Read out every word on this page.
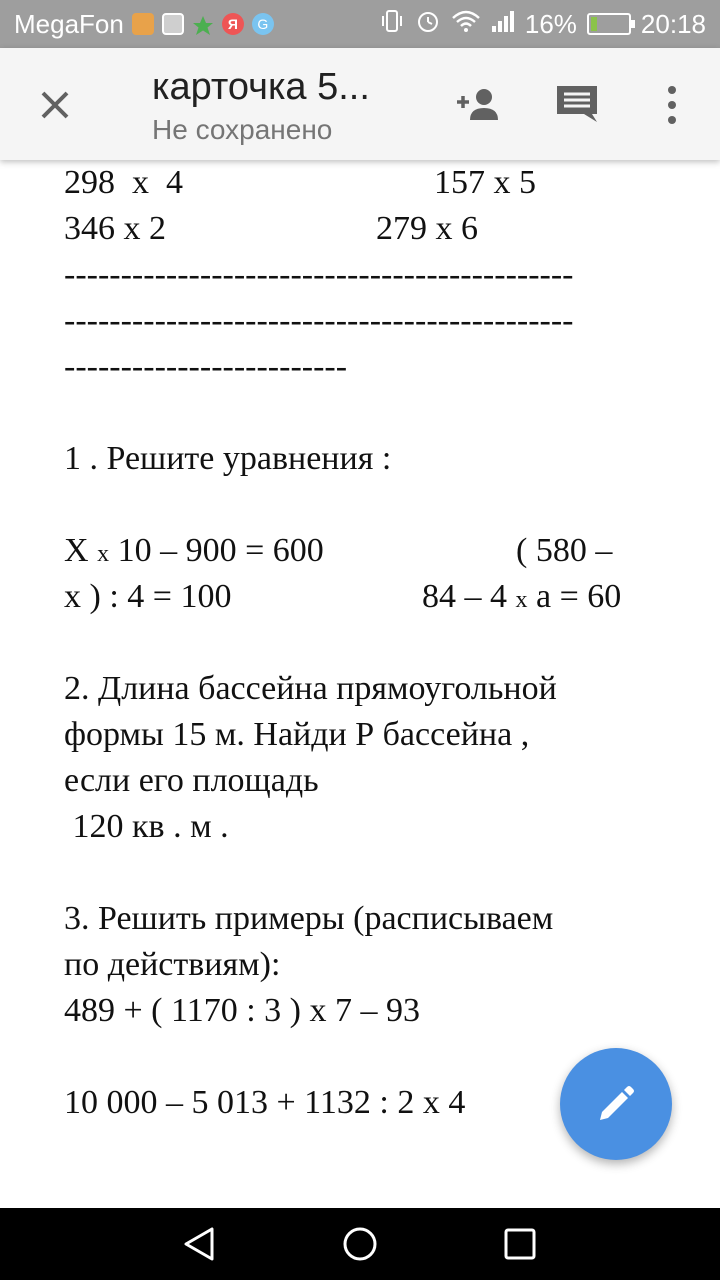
MegaFon	Я	G	16% 20:18
карточка 5...
Не сохранено
298  x  4	157 x 5
346 x 2	279 x 6
---------------------------------------------
---------------------------------------------
-------------------------
1 . Решите уравнения :
X x 10 – 900 = 600	( 580 –
x ) : 4 = 100	84 – 4 x a = 60
2. Длина бассейна прямоугольной
формы 15 м. Найди Р бассейна ,
если его площадь
120 кв . м .
3. Решить примеры (расписываем
по действиям):
489 + ( 1170 : 3 ) x 7 – 93
10 000 – 5 013 + 1132 : 2 x 4
